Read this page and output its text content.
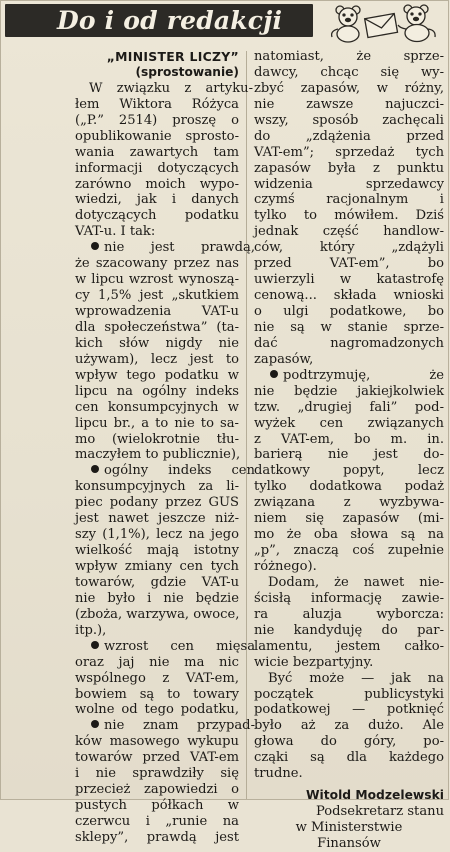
Do i od redakcji
„MINISTER LICZY”
(sprostowanie)
W związku z artyku-
łem Wiktora Różyca
(„P.” 2514) proszę o
opublikowanie sprosto-
wania zawartych tam
informacji dotyczących
zarówno moich wypo-
wiedzi, jak i danych
dotyczących podatku
VAT-u. I tak:
nie jest prawdą,
że szacowany przez nas
w lipcu wzrost wynoszą-
cy 1,5% jest „skutkiem
wprowadzenia VAT-u
dla społeczeństwa” (ta-
kich słów nigdy nie
używam), lecz jest to
wpływ tego podatku w
lipcu na ogólny indeks
cen konsumpcyjnych w
lipcu br., a to nie to sa-
mo (wielokrotnie tłu-
maczyłem to publicznie),
ogólny indeks cen
konsumpcyjnych za li-
piec podany przez GUS
jest nawet jeszcze niż-
szy (1,1%), lecz na jego
wielkość mają istotny
wpływ zmiany cen tych
towarów, gdzie VAT-u
nie było i nie będzie
(zboża, warzywa, owoce,
itp.),
wzrost cen mięsa
oraz jaj nie ma nic
wspólnego z VAT-em,
bowiem są to towary
wolne od tego podatku,
nie znam przypad-
ków masowego wykupu
towarów przed VAT-em
i nie sprawdziły się
przecież zapowiedzi o
pustych półkach w
czerwcu i „runie na
sklepy”, prawdą jest
natomiast, że sprze-
dawcy, chcąc się wy-
zbyć zapasów, w różny,
nie zawsze najuczci-
wszy, sposób zachęcali
do „zdążenia przed
VAT-em”; sprzedaż tych
zapasów była z punktu
widzenia sprzedawcy
czymś racjonalnym i
tylko to mówiłem. Dziś
jednak część handlow-
ców, który „zdążyli
przed VAT-em”, bo
uwierzyli w katastrofę
cenową... składa wnioski
o ulgi podatkowe, bo
nie są w stanie sprze-
dać nagromadzonych
zapasów,
podtrzymuję, że
nie będzie jakiejkolwiek
tzw. „drugiej fali” pod-
wyżek cen związanych
z VAT-em, bo m. in.
barierą nie jest do-
datkowy popyt, lecz
tylko dodatkowa podaż
związana z wyzbywa-
niem się zapasów (mi-
mo że oba słowa są na
„p”, znaczą coś zupełnie
różnego).
Dodam, że nawet nie-
ścisłą informację zawie-
ra aluzja wyborcza:
nie kandyduję do par-
lamentu, jestem całko-
wicie bezpartyjny.
Być może — jak na
początek publicystyki
podatkowej — potknięć
było aż za dużo. Ale
głowa do góry, po-
cząki są dla każdego
trudne.
Witold Modzelewski
Podsekretarz stanu
w Ministerstwie
Finansów
